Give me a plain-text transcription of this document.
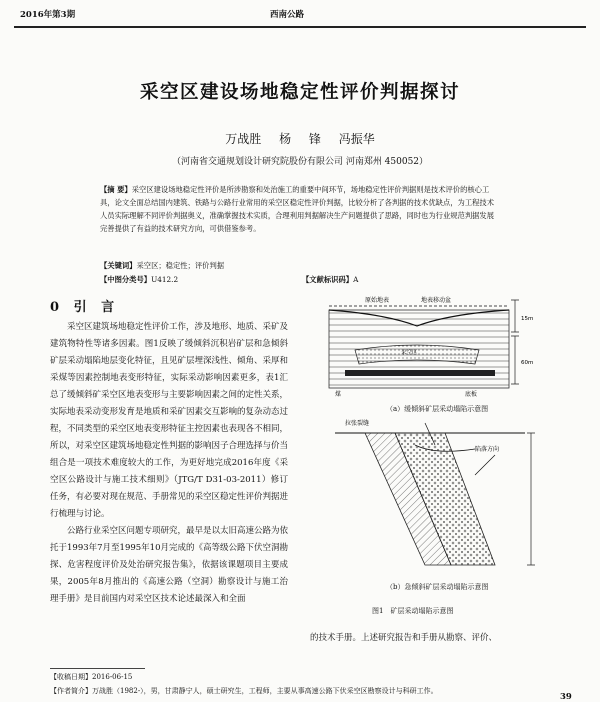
2016年第3期	西南公路
采空区建设场地稳定性评价判据探讨
万战胜 杨 锋 冯振华
（河南省交通规划设计研究院股份有限公司 河南郑州 450052）
【摘 要】采空区建设场地稳定性评价是所涉勘察和处治施工的重要中间环节，场地稳定性评价判据则是技术评价的核心工具，论文全面总结国内建筑、铁路与公路行业常用的采空区稳定性评价判据，比较分析了各判据的技术优缺点，为工程技术人员实际理解不同评价判据奥义，准确掌握技术实质，合理利用判据解决生产问题提供了思路，同时也为行业规范判据发展完善提供了有益的技术研究方向，可供借鉴参考。
【关键词】采空区；稳定性；评价判据
【中图分类号】U412.2	【文献标识码】A
0 引 言

采空区建筑场地稳定性评价工作，涉及地形、地质、采矿及建筑物特性等诸多因素。图1反映了缓倾斜沉积岩矿层和急倾斜矿层采动塌陷地层变化特征，且见矿层埋深浅性、倾角、采厚和采煤等因素控制地表变形特征，实际采动影响因素更多，表1汇总了缓倾斜矿采空区地表变形与主要影响因素之间的定性关系，实际地表采动变形发育是地质和采矿因素交互影响的复杂动态过程，不同类型的采空区地表变形特征主控因素也表现各不相同，所以，对采空区建筑场地稳定性判据的影响因子合理选择与价当组合是一项技术难度较大的工作，为更好地完成2016年度《采空区公路设计与施工技术细则》（JTG/T D31-03-2011）修订任务，有必要对现在规范、手册常见的采空区稳定性评价判据进行梳理与讨论。

公路行业采空区问题专项研究，最早是以太旧高速公路为依托于1993年7月至1995年10月完成的《高等级公路下伏空洞勘探、危害程度评价及处治研究报告集》，依据该课题项目主要成果，2005年8月推出的《高速公路（空洞）勘察设计与施工治理手册》是目前国内对采空区技术论述最深入和全面

原始地表	地表移动盆
采空区
煤	底板
15m
60m
（a）缓倾斜矿层采动塌陷示意图
拉张裂缝
陷落方向
（b）急倾斜矿层采动塌陷示意图
图1　矿层采动塌陷示意图
的技术手册。上述研究报告和手册从勘察、评价、
【收稿日期】2016-06-15
【作者简介】万战胜（1982-），男，甘肃静宁人，硕士研究生，工程师，主要从事高速公路下伏采空区勘察设计与科研工作。
39
